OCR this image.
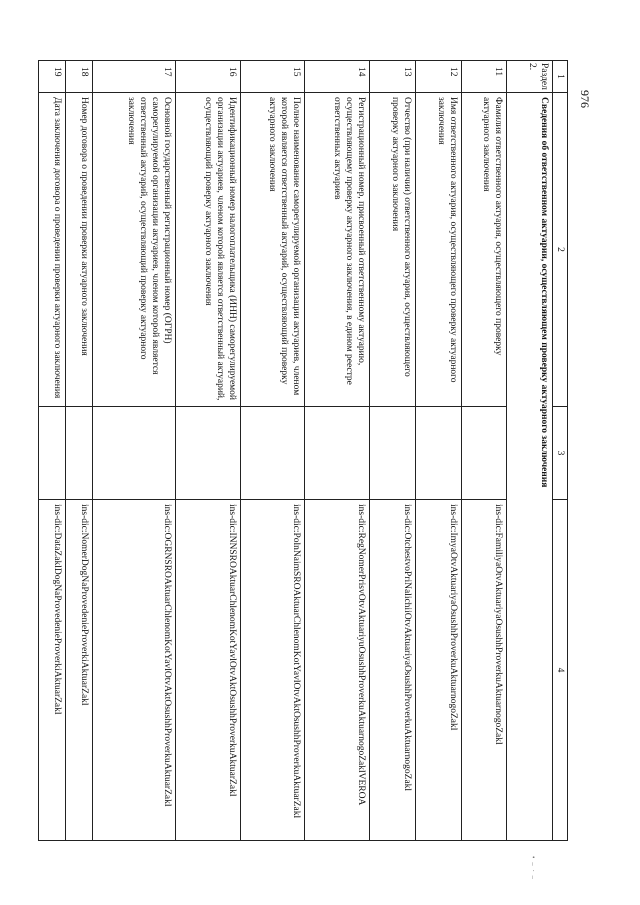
976
• – · –
1	2	3	4
Раздел 2.	Сведения об ответственном актуарии, осуществляющем проверку актуарного заключения		
11	Фамилия ответственного актуария, осуществляющего проверку актуарного заключения		ins-dic:FamiliyaOtvAktuariyaOsushhProverkuAktuarnogoZakl
12	Имя ответственного актуария, осуществляющего проверку актуарного заключения		ins-dic:ImyaOtvAktuariyaOsushhProverkuAktuarnogoZakl
13	Отчество (при наличии) ответственного актуария, осуществляющего проверку актуарного заключения		ins-dic:OtchestvoPriNalichiiOtvAktuariyaOsushhProverkuAktuarnogoZakl
14	Регистрационный номер, присвоенный ответственному актуарию, осуществляющему проверку актуарного заключения, в едином реестре ответственных актуариев		ins-dic:RegNomerPrisvOtvAktuariyuOsushhProverkuAktuarnogoZaklVEROA
15	Полное наименование саморегулируемой организации актуариев, членом которой является ответственный актуарий, осуществляющий проверку актуарного заключения		ins-dic:PolnNaimSROAktuarChlenomKotYavlOtvAktOsushhProverkuAktuarZakl
16	Идентификационный номер налогоплательщика (ИНН) саморегулируемой организации актуариев, членом которой является ответственный актуарий, осуществляющий проверку актуарного заключения		ins-dic:INNSROAktuarChlenomKotYavlOtvAktOsushhProverkuAktuarZakl
17	Основной государственный регистрационный номер (ОГРН) саморегулируемой организации актуариев, членом которой является ответственный актуарий, осуществляющий проверку актуарного заключения		ins-dic:OGRNSROAktuarChlenomKotYavlOtvAktOsushhProverkuAktuarZakl
18	Номер договора о проведении проверки актуарного заключения		ins-dic:NomerDogNaProvedenieProverkiAktuarZakl
19	Дата заключения договора о проведении проверки актуарного заключения		ins-dic:DataZaklDogNaProvedenieProverkiAktuarZakl
